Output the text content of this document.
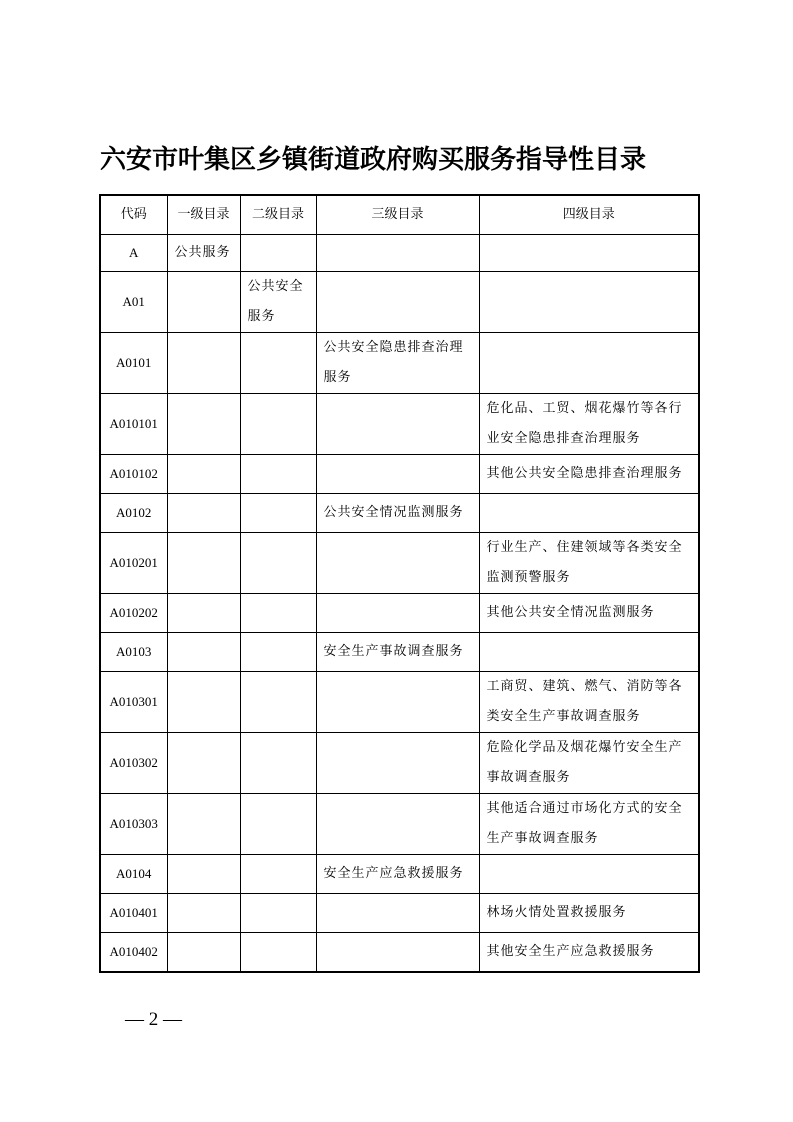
六安市叶集区乡镇街道政府购买服务指导性目录
代码	一级目录	二级目录	三级目录	四级目录
A	公共服务			
A01		公共安全服务		
A0101			公共安全隐患排查治理服务	
A010101				危化品、工贸、烟花爆竹等各行业安全隐患排查治理服务
A010102				其他公共安全隐患排查治理服务
A0102			公共安全情况监测服务	
A010201				行业生产、住建领域等各类安全监测预警服务
A010202				其他公共安全情况监测服务
A0103			安全生产事故调查服务	
A010301				工商贸、建筑、燃气、消防等各类安全生产事故调查服务
A010302				危险化学品及烟花爆竹安全生产事故调查服务
A010303				其他适合通过市场化方式的安全生产事故调查服务
A0104			安全生产应急救援服务	
A010401				林场火情处置救援服务
A010402				其他安全生产应急救援服务
— 2 —
